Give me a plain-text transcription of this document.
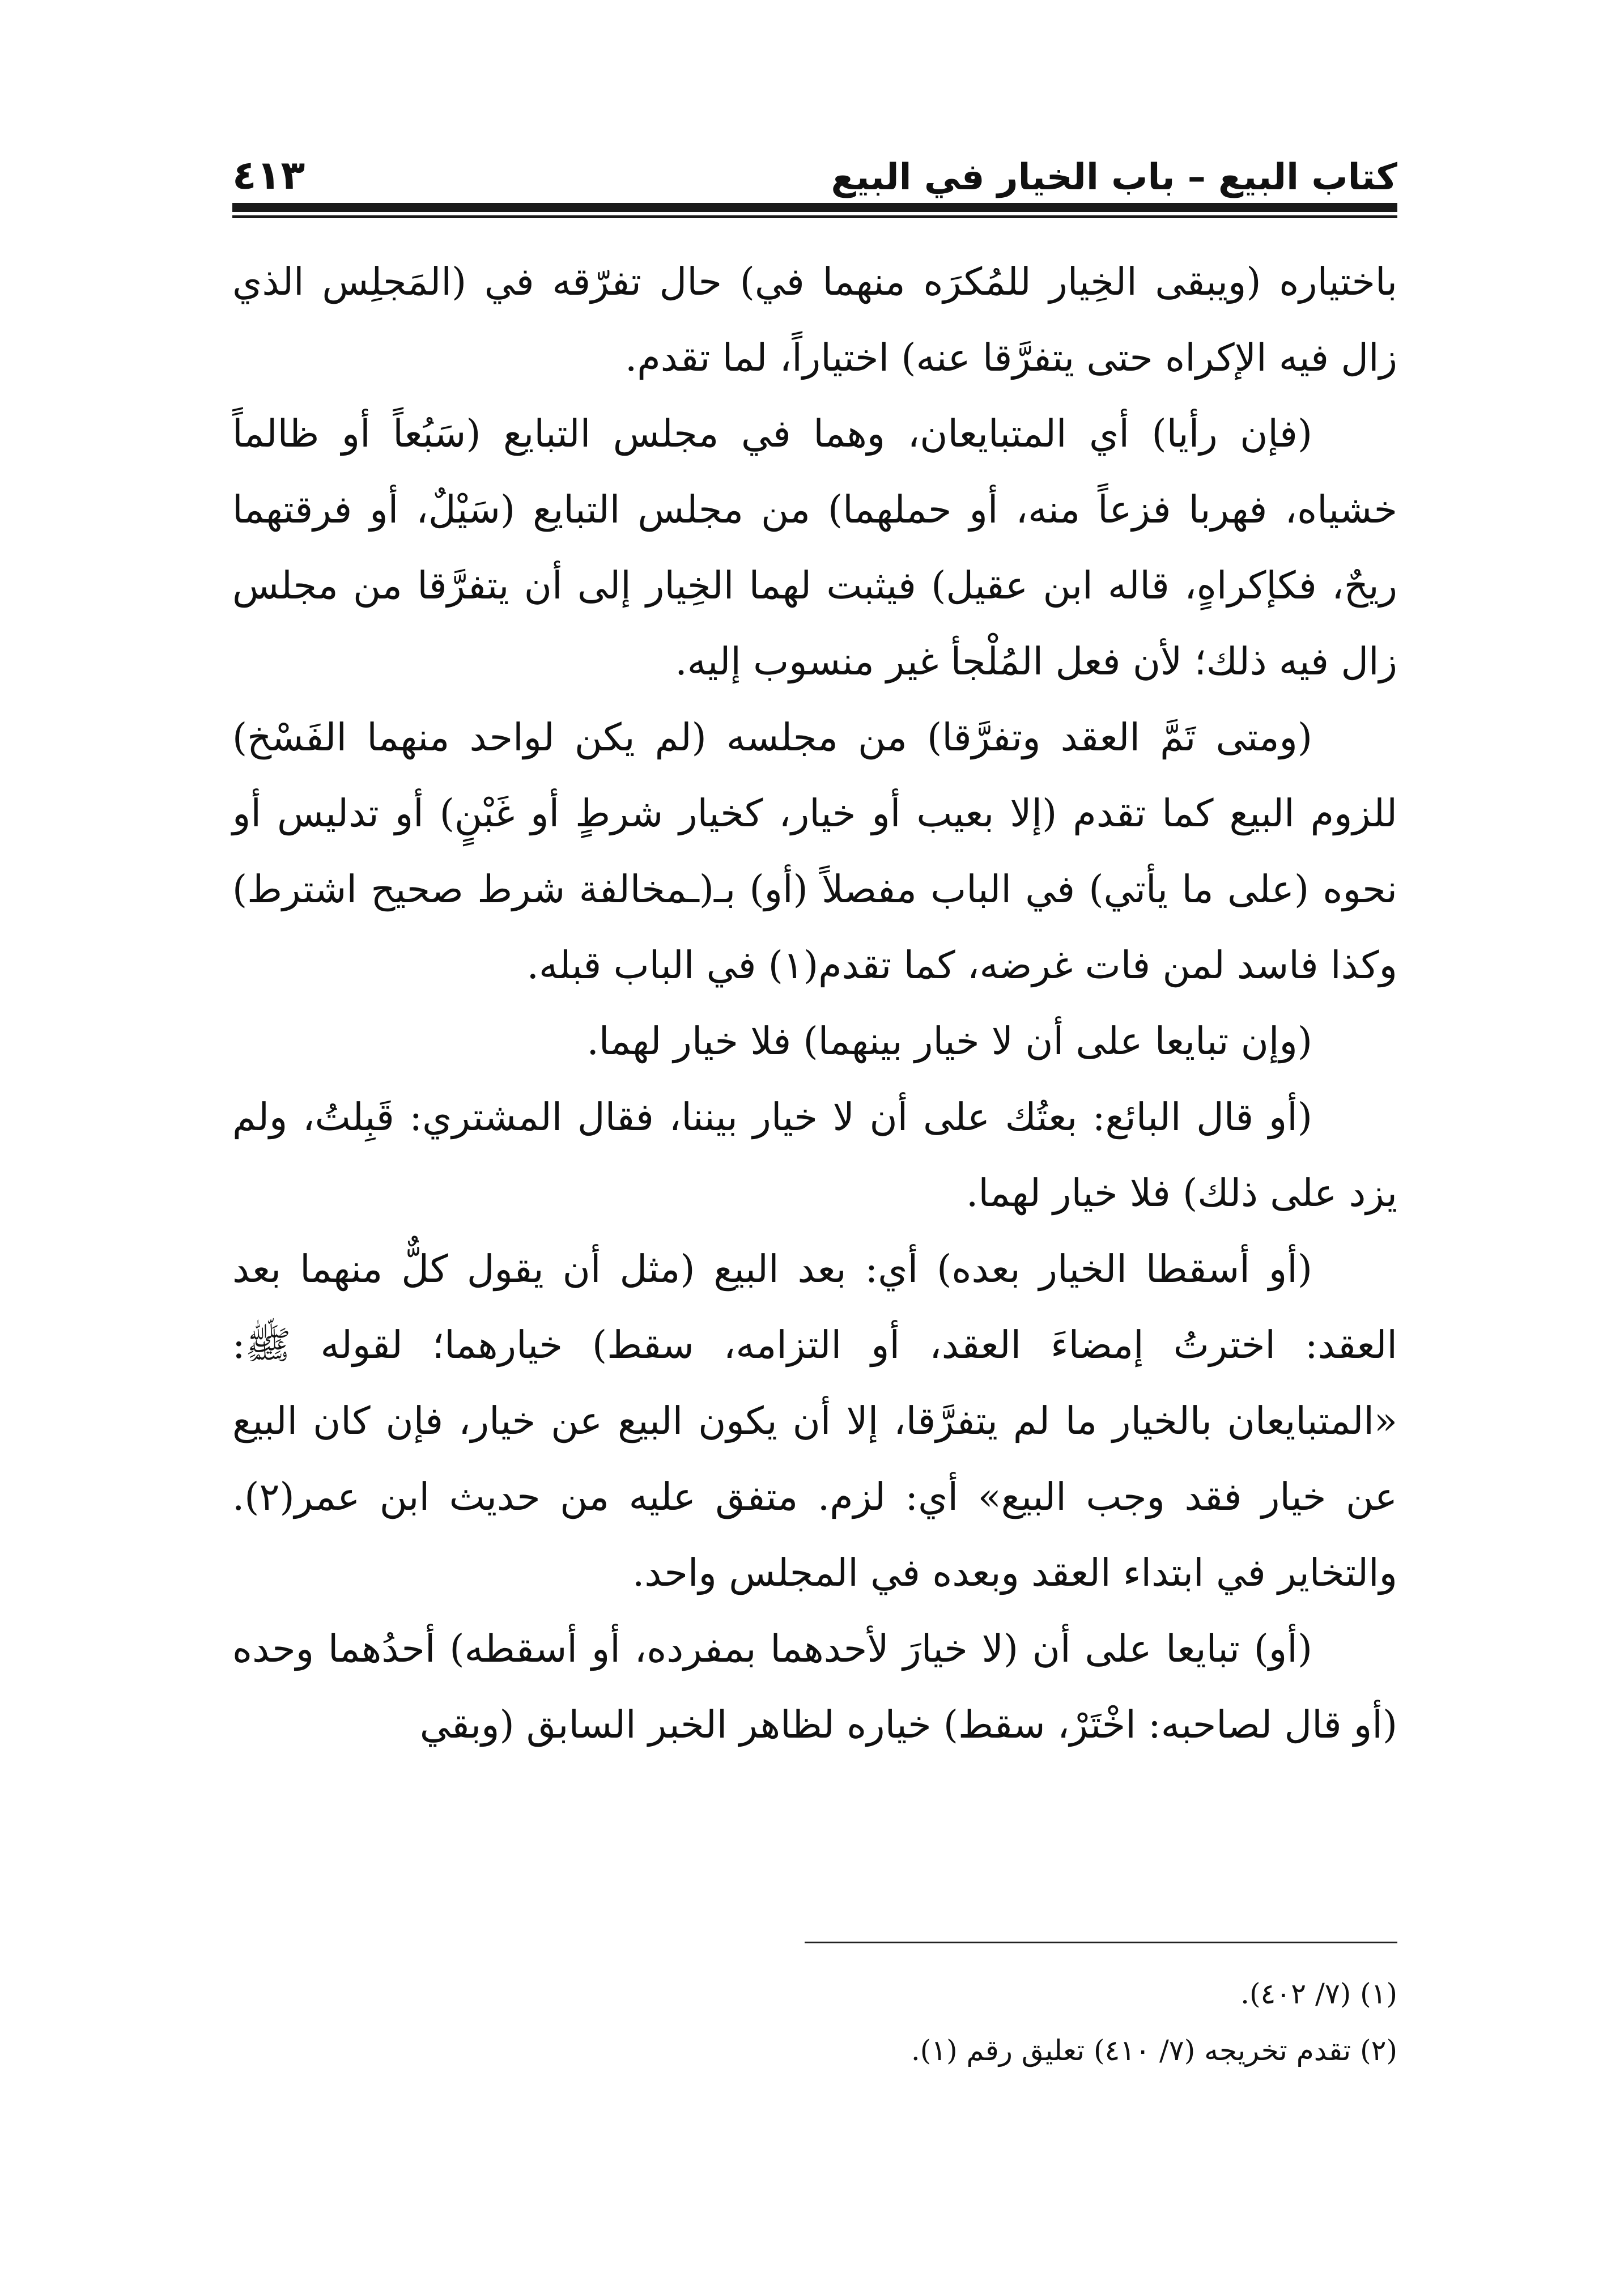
كتاب البيع – باب الخيار في البيع
٤١٣

باختياره (ويبقى الخِيار للمُكرَه منهما في) حال تفرّقه في (المَجلِس الذي زال فيه الإكراه حتى يتفرَّقا عنه) اختياراً، لما تقدم.

(فإن رأيا) أي المتبايعان، وهما في مجلس التبايع (سَبُعاً أو ظالماً خشياه، فهربا فزعاً منه، أو حملهما) من مجلس التبايع (سَيْلٌ، أو فرقتهما ريحٌ، فكإكراهٍ، قاله ابن عقيل) فيثبت لهما الخِيار إلى أن يتفرَّقا من مجلس زال فيه ذلك؛ لأن فعل المُلْجأ غير منسوب إليه.

(ومتى تَمَّ العقد وتفرَّقا) من مجلسه (لم يكن لواحد منهما الفَسْخ) للزوم البيع كما تقدم (إلا بعيب أو خيار، كخيار شرطٍ أو غَبْنٍ) أو تدليس أو نحوه (على ما يأتي) في الباب مفصلاً (أو) بـ(ـمخالفة شرط صحيح اشترط) وكذا فاسد لمن فات غرضه، كما تقدم(١) في الباب قبله.

(وإن تبايعا على أن لا خيار بينهما) فلا خيار لهما.

(أو قال البائع: بعتُك على أن لا خيار بيننا، فقال المشتري: قَبِلتُ، ولم يزد على ذلك) فلا خيار لهما.

(أو أسقطا الخيار بعده) أي: بعد البيع (مثل أن يقول كلٌّ منهما بعد العقد: اخترتُ إمضاءَ العقد، أو التزامه، سقط) خيارهما؛ لقوله ﷺ: «المتبايعان بالخيار ما لم يتفرَّقا، إلا أن يكون البيع عن خيار، فإن كان البيع عن خيار فقد وجب البيع» أي: لزم. متفق عليه من حديث ابن عمر(٢). والتخاير في ابتداء العقد وبعده في المجلس واحد.

(أو) تبايعا على أن (لا خيارَ لأحدهما بمفرده، أو أسقطه) أحدُهما وحده (أو قال لصاحبه: اخْتَرْ، سقط) خياره لظاهر الخبر السابق (وبقي

(١) (٧/ ٤٠٢).

(٢) تقدم تخريجه (٧/ ٤١٠) تعليق رقم (١).
